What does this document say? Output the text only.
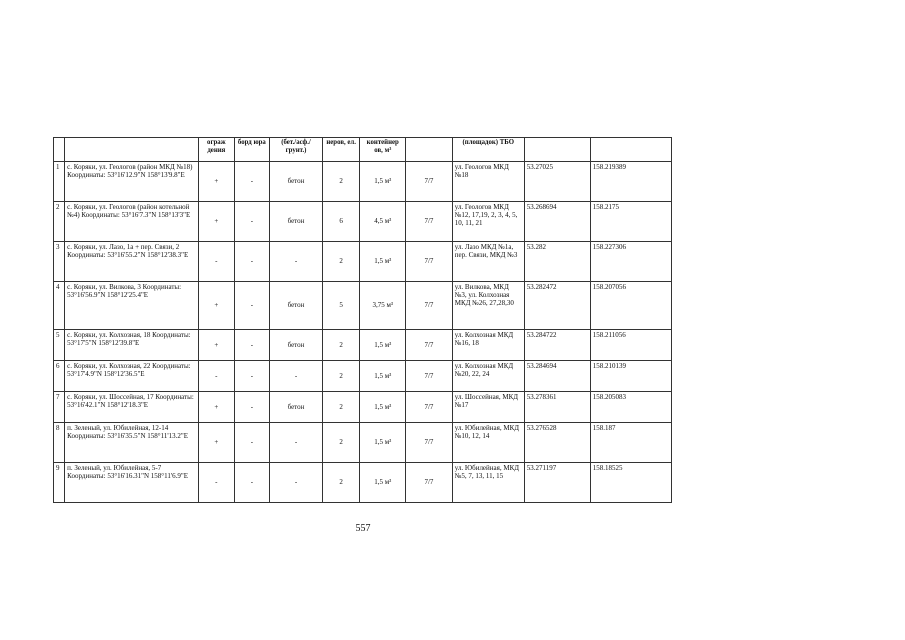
		ограж дения	борд юра	(бет./асф./ грунт.)	неров, ел.	контейнер ов, м³		(площадок) ТБО		
1	с. Коряки, ул. Геологов (район МКД №18) Координаты: 53°16'12.9"N 158°13'9.8"E	+	-	бетон	2	1,5 м³	7/7	ул. Геологов МКД №18	53.27025	158.219389
2	с. Коряки, ул. Геологов (район котельной №4) Координаты: 53°16'7.3"N 158°13'3"E	+	-	бетон	6	4,5 м³	7/7	ул. Геологов МКД №12, 17,19, 2, 3, 4, 5, 10, 11, 21	53.268694	158.2175
3	с. Коряки, ул. Лазо, 1а + пер. Связи, 2 Координаты: 53°16'55.2"N 158°12'38.3"E	-	-	-	2	1,5 м³	7/7	ул. Лазо МКД №1а, пер. Связи, МКД №3	53.282	158.227306
4	с. Коряки, ул. Вилкова, 3 Координаты: 53°16'56.9"N 158°12'25.4"E	+	-	бетон	5	3,75 м³	7/7	ул. Вилкова, МКД №3, ул. Колхозная МКД №26, 27,28,30	53.282472	158.207056
5	с. Коряки, ул. Колхозная, 18 Координаты: 53°17'5"N 158°12'39.8"E	+	-	бетон	2	1,5 м³	7/7	ул. Колхозная МКД №16, 18	53.284722	158.211056
6	с. Коряки, ул. Колхозная, 22 Координаты: 53°17'4.9"N 158°12'36.5"E	-	-	-	2	1,5 м³	7/7	ул. Колхозная МКД №20, 22, 24	53.284694	158.210139
7	с. Коряки, ул. Шоссейная, 17 Координаты: 53°16'42.1"N 158°12'18.3"E	+	-	бетон	2	1,5 м³	7/7	ул. Шоссейная, МКД №17	53.278361	158.205083
8	п. Зеленый, ул. Юбилейная, 12-14 Координаты: 53°16'35.5"N 158°11'13.2"E	+	-	-	2	1,5 м³	7/7	ул. Юбилейная, МКД №10, 12, 14	53.276528	158.187
9	п. Зеленый, ул. Юбилейная, 5-7 Координаты: 53°16'16.31"N 158°11'6.9"E	-	-	-	2	1,5 м³	7/7	ул. Юбилейная, МКД №5, 7, 13, 11, 15	53.271197	158.18525
557
